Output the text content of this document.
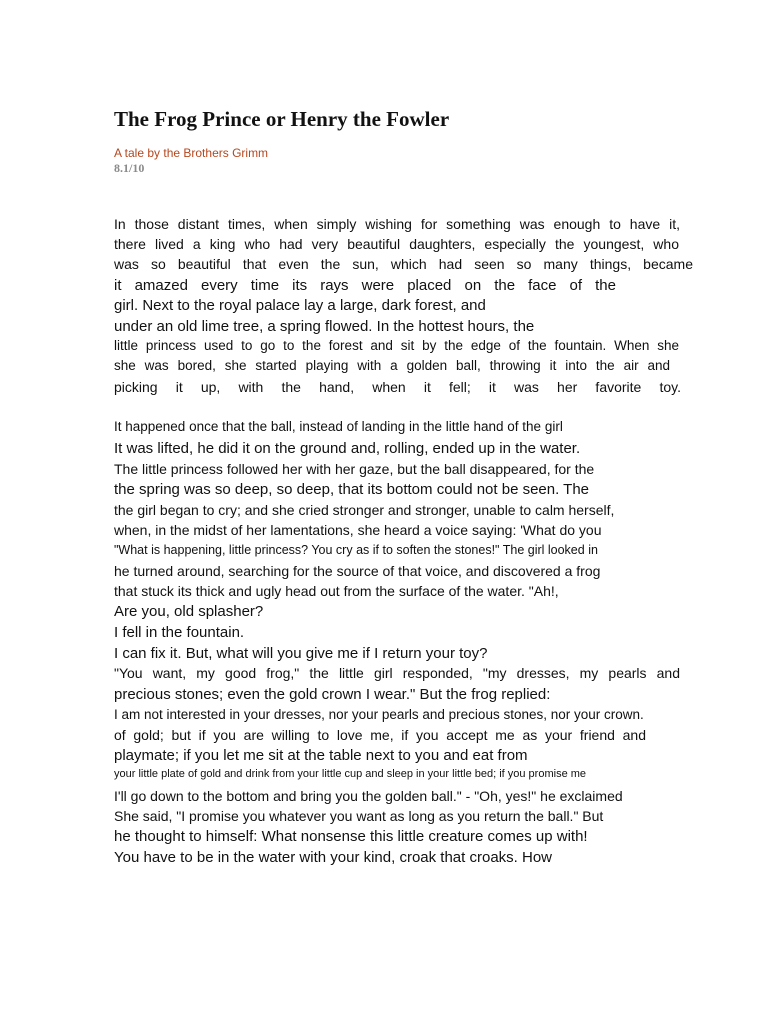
The Frog Prince or Henry the Fowler
A tale by the Brothers Grimm
8.1/10
In those distant times, when simply wishing for something was enough to have it,
there lived a king who had very beautiful daughters, especially the youngest, who
was so beautiful that even the sun, which had seen so many things, became
it amazed every time its rays were placed on the face of the
girl. Next to the royal palace lay a large, dark forest, and
under an old lime tree, a spring flowed. In the hottest hours, the
little princess used to go to the forest and sit by the edge of the fountain. When she
she was bored, she started playing with a golden ball, throwing it into the air and
picking it up, with the hand, when it fell; it was her favorite toy.
It happened once that the ball, instead of landing in the little hand of the girl
It was lifted, he did it on the ground and, rolling, ended up in the water.
The little princess followed her with her gaze, but the ball disappeared, for the
the spring was so deep, so deep, that its bottom could not be seen. The
the girl began to cry; and she cried stronger and stronger, unable to calm herself,
when, in the midst of her lamentations, she heard a voice saying: 'What do you
"What is happening, little princess? You cry as if to soften the stones!" The girl looked in
he turned around, searching for the source of that voice, and discovered a frog
that stuck its thick and ugly head out from the surface of the water. "Ah!,
Are you, old splasher?
I fell in the fountain.
I can fix it. But, what will you give me if I return your toy?
"You want, my good frog," the little girl responded, "my dresses, my pearls and
precious stones; even the gold crown I wear." But the frog replied:
I am not interested in your dresses, nor your pearls and precious stones, nor your crown.
of gold; but if you are willing to love me, if you accept me as your friend and
playmate; if you let me sit at the table next to you and eat from
your little plate of gold and drink from your little cup and sleep in your little bed; if you promise me
I'll go down to the bottom and bring you the golden ball." - "Oh, yes!" he exclaimed
She said, "I promise you whatever you want as long as you return the ball." But
he thought to himself: What nonsense this little creature comes up with!
You have to be in the water with your kind, croak that croaks. How
